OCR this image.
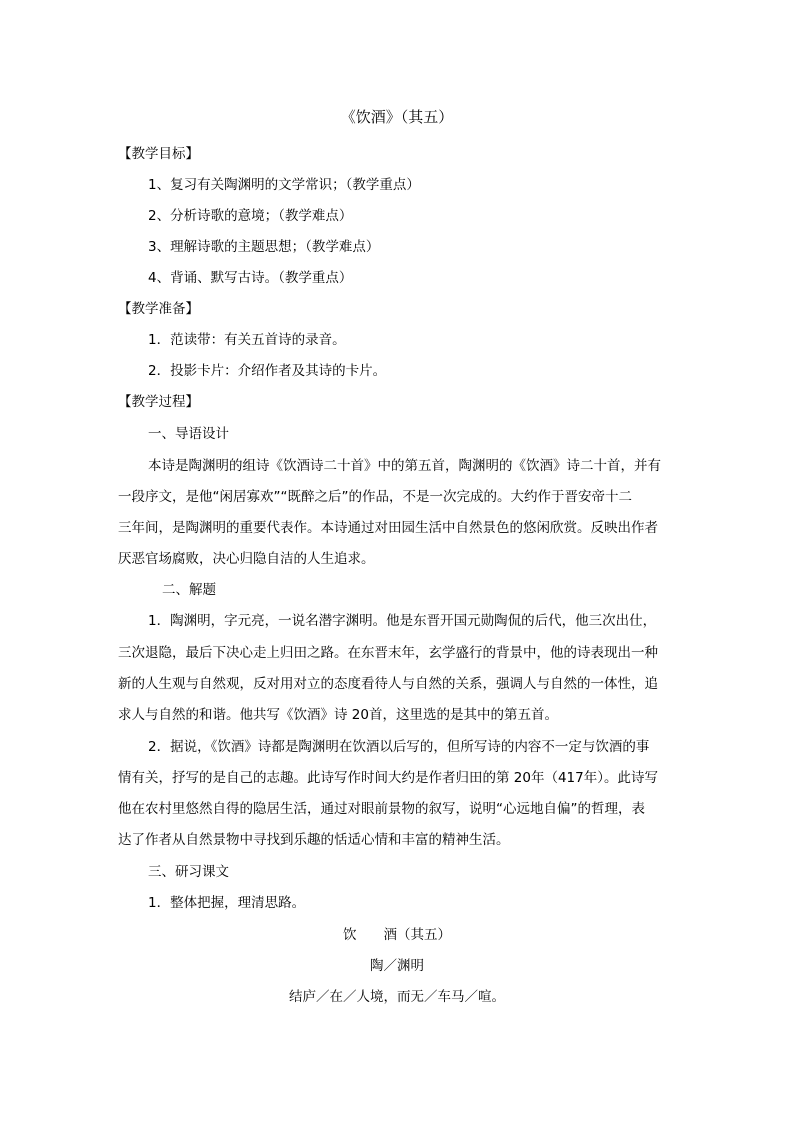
《饮酒》（其五）
【教学目标】
1、复习有关陶渊明的文学常识；（教学重点）
2、分析诗歌的意境；（教学难点）
3、理解诗歌的主题思想；（教学难点）
4、背诵、默写古诗。（教学重点）
【教学准备】
1．范读带：有关五首诗的录音。
2．投影卡片：介绍作者及其诗的卡片。
【教学过程】
一、导语设计
本诗是陶渊明的组诗《饮酒诗二十首》中的第五首，陶渊明的《饮酒》诗二十首，并有
一段序文，是他“闲居寡欢”“既醉之后”的作品，不是一次完成的。大约作于晋安帝十二
三年间，是陶渊明的重要代表作。本诗通过对田园生活中自然景色的悠闲欣赏。反映出作者
厌恶官场腐败，决心归隐自洁的人生追求。
二、解题
1．陶渊明，字元亮，一说名潜字渊明。他是东晋开国元勋陶侃的后代，他三次出仕，
三次退隐，最后下决心走上归田之路。在东晋末年，玄学盛行的背景中，他的诗表现出一种
新的人生观与自然观，反对用对立的态度看待人与自然的关系，强调人与自然的一体性，追
求人与自然的和谐。他共写《饮酒》诗 20首，这里选的是其中的第五首。
2．据说，《饮酒》诗都是陶渊明在饮酒以后写的，但所写诗的内容不一定与饮酒的事
情有关，抒写的是自己的志趣。此诗写作时间大约是作者归田的第 20年（417年）。此诗写
他在农村里悠然自得的隐居生活，通过对眼前景物的叙写，说明“心远地自偏”的哲理，表
达了作者从自然景物中寻找到乐趣的恬适心情和丰富的精神生活。
三、研习课文
1．整体把握，理清思路。
饮　　酒（其五）
陶／渊明
结庐／在／人境，而无／车马／喧。
